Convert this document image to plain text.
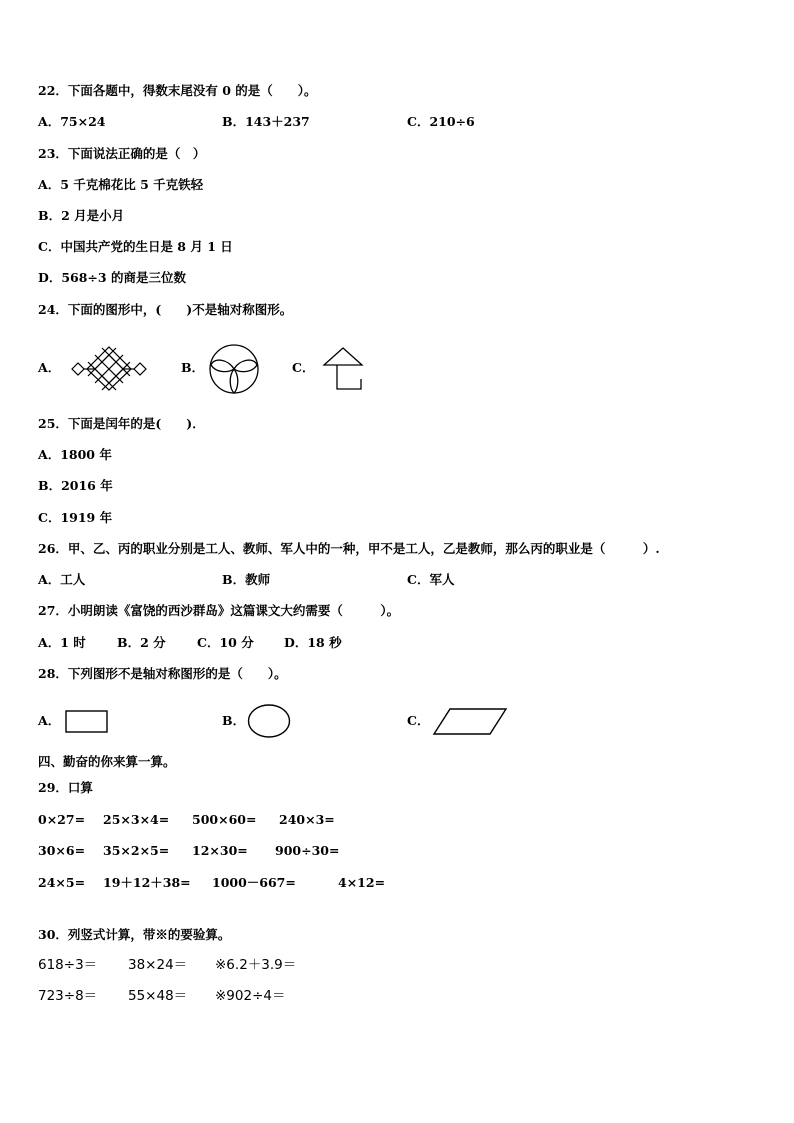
22．下面各题中，得数末尾没有 0 的是（　　）。
A．75×24	B．143＋237	C．210÷6
23．下面说法正确的是（　）
A．5 千克棉花比 5 千克铁轻
B．2 月是小月
C．中国共产党的生日是 8 月 1 日
D．568÷3 的商是三位数
24．下面的图形中，(　　)不是轴对称图形。
A．	B．	C．
25．下面是闰年的是(　　)．
A．1800 年
B．2016 年
C．1919 年
26．甲、乙、丙的职业分别是工人、教师、军人中的一种，甲不是工人，乙是教师，那么丙的职业是（　　　）.
A．工人	B．教师	C．军人
27．小明朗读《富饶的西沙群岛》这篇课文大约需要（　　　）。
A．1 时	B．2 分	C．10 分 D．18 秒
28．下列图形不是轴对称图形的是（　　）。
A．	B．	C．
四、勤奋的你来算一算。
29．口算
0×27= 25×3×4= 500×60= 240×3=
30×6= 35×2×5= 12×30= 900÷30=
24×5= 19＋12＋38= 1000－667=	4×12=
30．列竖式计算，带※的要验算。
618÷3＝ 38×24＝ ※6.2＋3.9＝
723÷8＝ 55×48＝ ※902÷4＝
